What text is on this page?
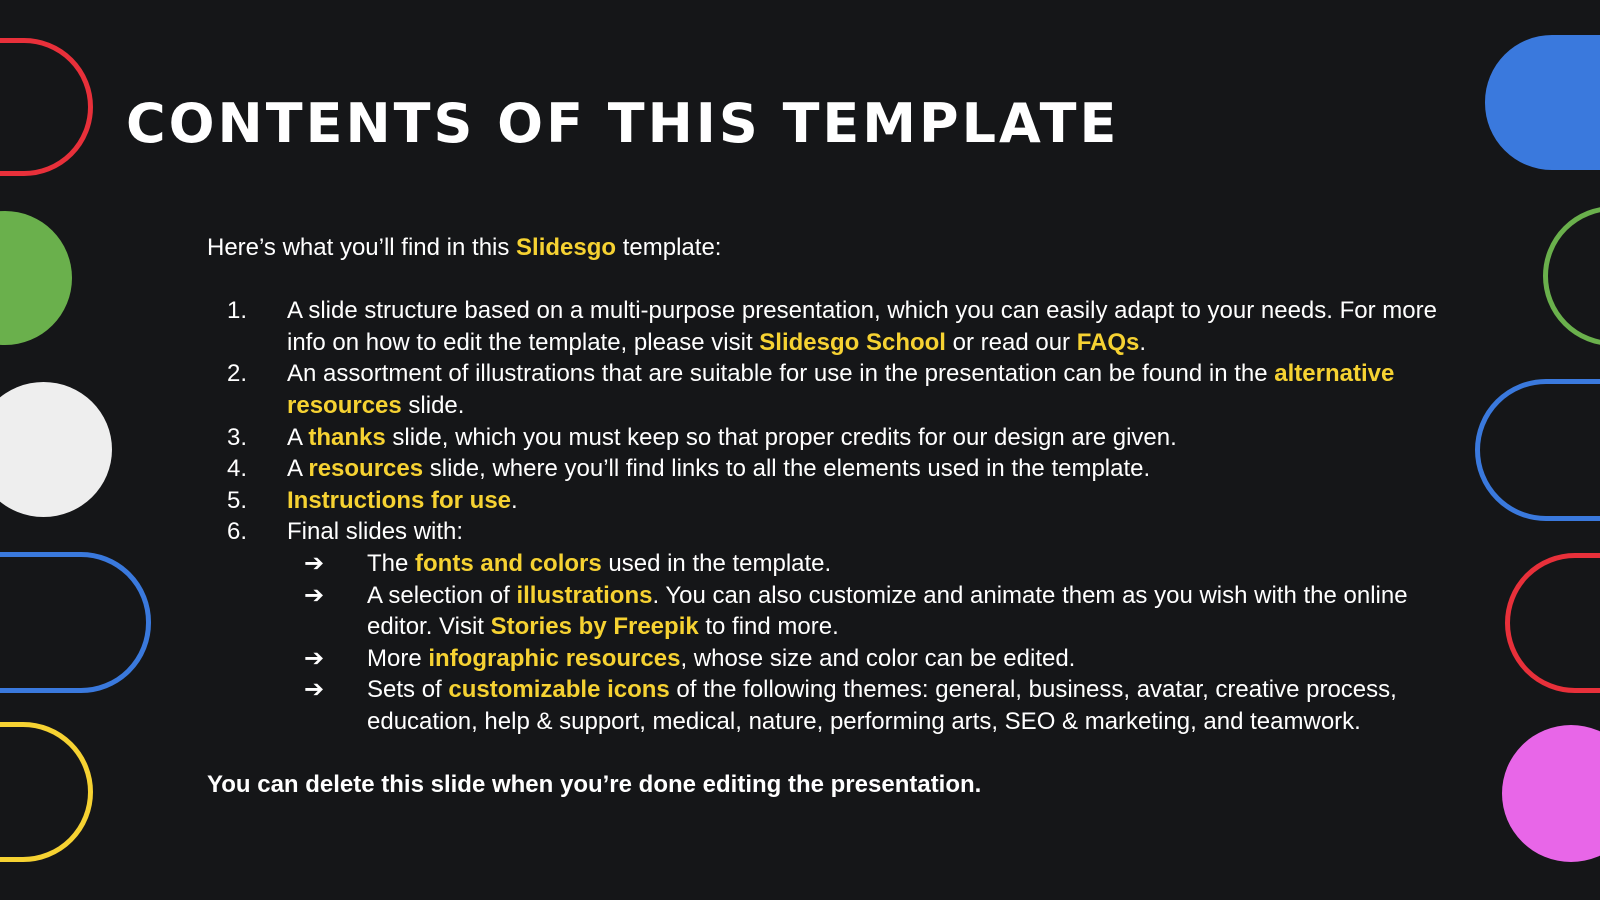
CONTENTS OF THIS TEMPLATE

Here’s what you’ll find in this Slidesgo template:

1. A slide structure based on a multi-purpose presentation, which you can easily adapt to your needs. For more info on how to edit the template, please visit Slidesgo School or read our FAQs.
2. An assortment of illustrations that are suitable for use in the presentation can be found in the alternative resources slide.
3. A thanks slide, which you must keep so that proper credits for our design are given.
4. A resources slide, where you’ll find links to all the elements used in the template.
5. Instructions for use.
6. Final slides with:
➔ The fonts and colors used in the template.
➔ A selection of illustrations. You can also customize and animate them as you wish with the online editor. Visit Stories by Freepik to find more.
➔ More infographic resources, whose size and color can be edited.
➔ Sets of customizable icons of the following themes: general, business, avatar, creative process, education, help & support, medical, nature, performing arts, SEO & marketing, and teamwork.

You can delete this slide when you’re done editing the presentation.
